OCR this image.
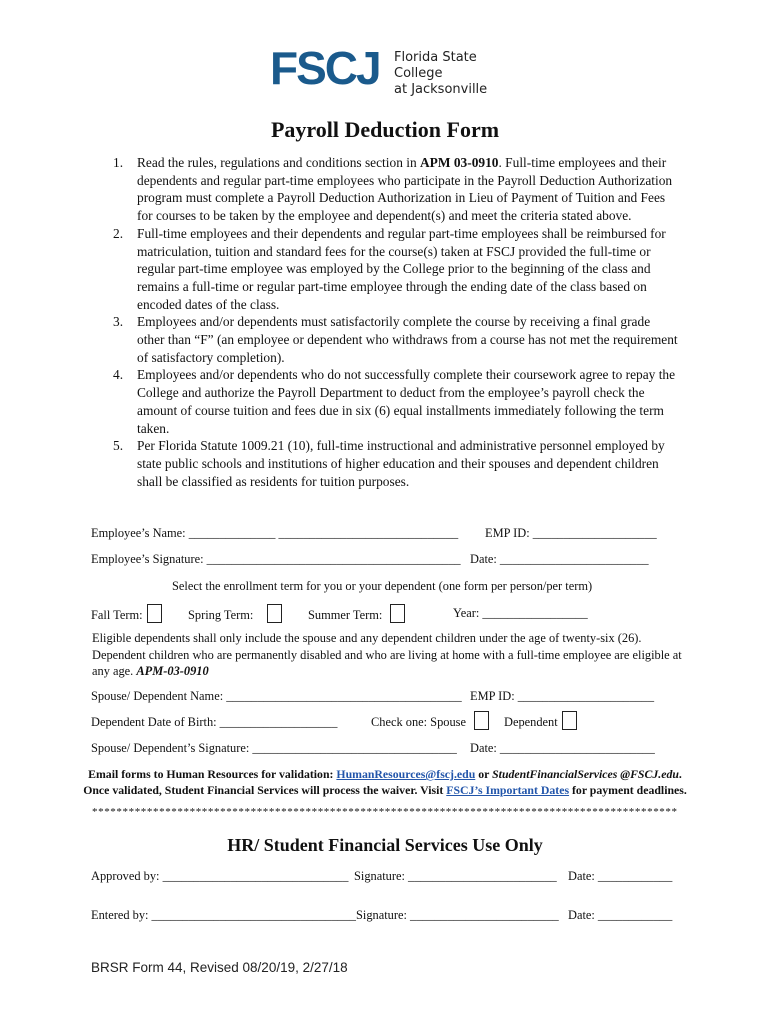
FSCJ Florida State College
at Jacksonville
Payroll Deduction Form
1. Read the rules, regulations and conditions section in APM 03-0910. Full-time employees and their dependents and regular part-time employees who participate in the Payroll Deduction Authorization program must complete a Payroll Deduction Authorization in Lieu of Payment of Tuition and Fees for courses to be taken by the employee and dependent(s) and meet the criteria stated above.
2. Full-time employees and their dependents and regular part-time employees shall be reimbursed for matriculation, tuition and standard fees for the course(s) taken at FSCJ provided the full-time or regular part-time employee was employed by the College prior to the beginning of the class and remains a full-time or regular part-time employee through the ending date of the class based on encoded dates of the class.
3. Employees and/or dependents must satisfactorily complete the course by receiving a final grade other than “F” (an employee or dependent who withdraws from a course has not met the requirement of satisfactory completion).
4. Employees and/or dependents who do not successfully complete their coursework agree to repay the College and authorize the Payroll Department to deduct from the employee’s payroll check the amount of course tuition and fees due in six (6) equal installments immediately following the term taken.
5. Per Florida Statute 1009.21 (10), full-time instructional and administrative personnel employed by state public schools and institutions of higher education and their spouses and dependent children shall be classified as residents for tuition purposes.
Employee’s Name: ______________ _____________________________ EMP ID: ____________________
Employee’s Signature: _________________________________________ Date: ________________________
Select the enrollment term for you or your dependent (one form per person/per term)
Fall Term:	Spring Term:	Summer Term:	Year: _________________
Eligible dependents shall only include the spouse and any dependent children under the age of twenty-six (26). Dependent children who are permanently disabled and who are living at home with a full-time employee are eligible at any age. APM-03-0910
Spouse/ Dependent Name: ______________________________________ EMP ID: ______________________
Dependent Date of Birth: ___________________	Check one: Spouse	Dependent
Spouse/ Dependent’s Signature: _________________________________ Date: _________________________
Email forms to Human Resources for validation: HumanResources@fscj.edu or StudentFinancialServices @FSCJ.edu.
Once validated, Student Financial Services will process the waiver. Visit FSCJ’s Important Dates for payment deadlines.
************************************************************************************************
HR/ Student Financial Services Use Only
Approved by: ______________________________ Signature: ________________________ Date: ____________
Entered by: _________________________________ Signature: ________________________ Date: ____________
BRSR Form 44, Revised 08/20/19, 2/27/18
